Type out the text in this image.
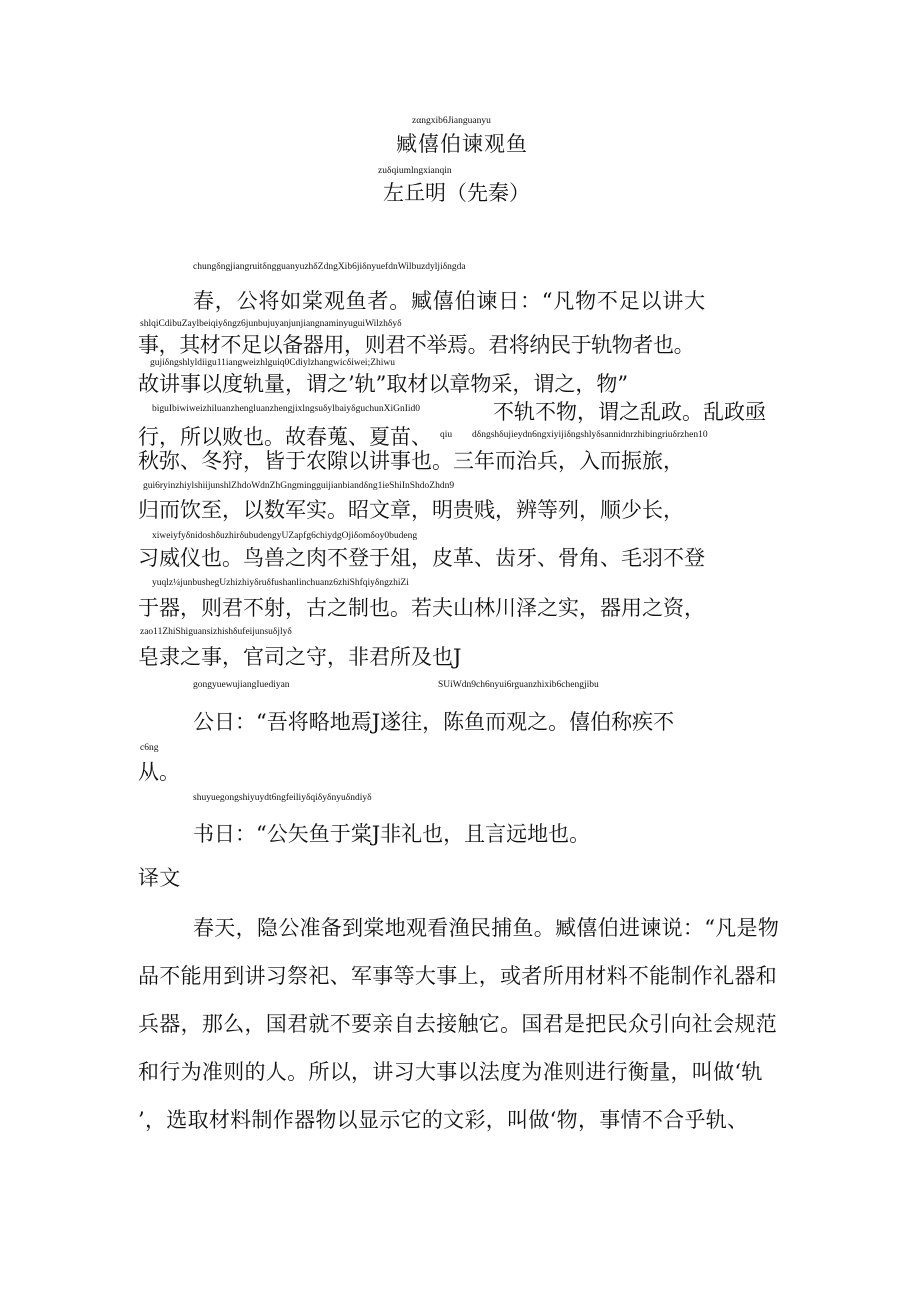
zαngxib6Jianguanyu
臧僖伯谏观鱼
zuδqiumlngxianqin
左丘明（先秦）
chungδngjiangruitδngguanyuzhδZdngXib6jiδnyuefdnWilbuzdyljiδngda
春，公将如棠观鱼者。臧僖伯谏日：“凡物不足以讲大
shlqiCdibuZaylbeiqiyδngz6junbujuyanjunjiangnaminyuguiWilzhδyδ
事，其材不足以备器用，则君不举焉。君将纳民于轨物者也。
gujiδngshlyldiigu11iangweizhlguiq0Cdiylzhangwicδiwei;Zhiwu
故讲事以度轨量，谓之’轨”取材以章物采，谓之，物”
biguIbiwiweizhiluanzhengluanzhengjixlngsuδylbaiyδguchunXiGnIid0	不轨不物，谓之乱政。乱政亟
行，所以败也。故春蒐、夏苗、 qiu dδngshδujieydn6ngxiyijiδngshlyδsannidnrzhibingriuδrzhen10
秋弥、冬狩，皆于农隙以讲事也。三年而治兵，入而振旅，
gui6ryinzhiylshiijunshlZhdoWdnZhGngmingguijianbiandδng1ieShiInShdoZhdn9
归而饮至，以数军实。昭文章，明贵贱，辨等列，顺少长，
xiweiyfyδnidoshδuzhirδubudengyUZapfg6chiydgOjiδomδoy0budeng
习威仪也。鸟兽之肉不登于俎，皮革、齿牙、骨角、毛羽不登
yuqlz¼junbushegUzhizhiyδruδfushanlinchuanz6zhiShfqiyδngzhiZi
于器，则君不射，古之制也。若夫山林川泽之实，器用之资，
zao11ZhiShiguansizhishδufeijunsuδjlyδ
皂隶之事，官司之守，非君所及也J
gongyuewujiangIuediyan	SUiWdn9ch6nyui6rguanzhixib6chengjibu
公日：“吾将略地焉J遂往，陈鱼而观之。僖伯称疾不
c6ng
从。
shuyuegongshiyuydt6ngfeiliyδqiδyδnyuδndiyδ
书日：“公矢鱼于棠J非礼也，且言远地也。
译文
春天，隐公准备到棠地观看渔民捕鱼。臧僖伯进谏说：“凡是物
品不能用到讲习祭祀、军事等大事上，或者所用材料不能制作礼器和
兵器，那么，国君就不要亲自去接触它。国君是把民众引向社会规范
和行为准则的人。所以，讲习大事以法度为准则进行衡量，叫做‘轨
’，选取材料制作器物以显示它的文彩，叫做‘物，事情不合乎轨、
